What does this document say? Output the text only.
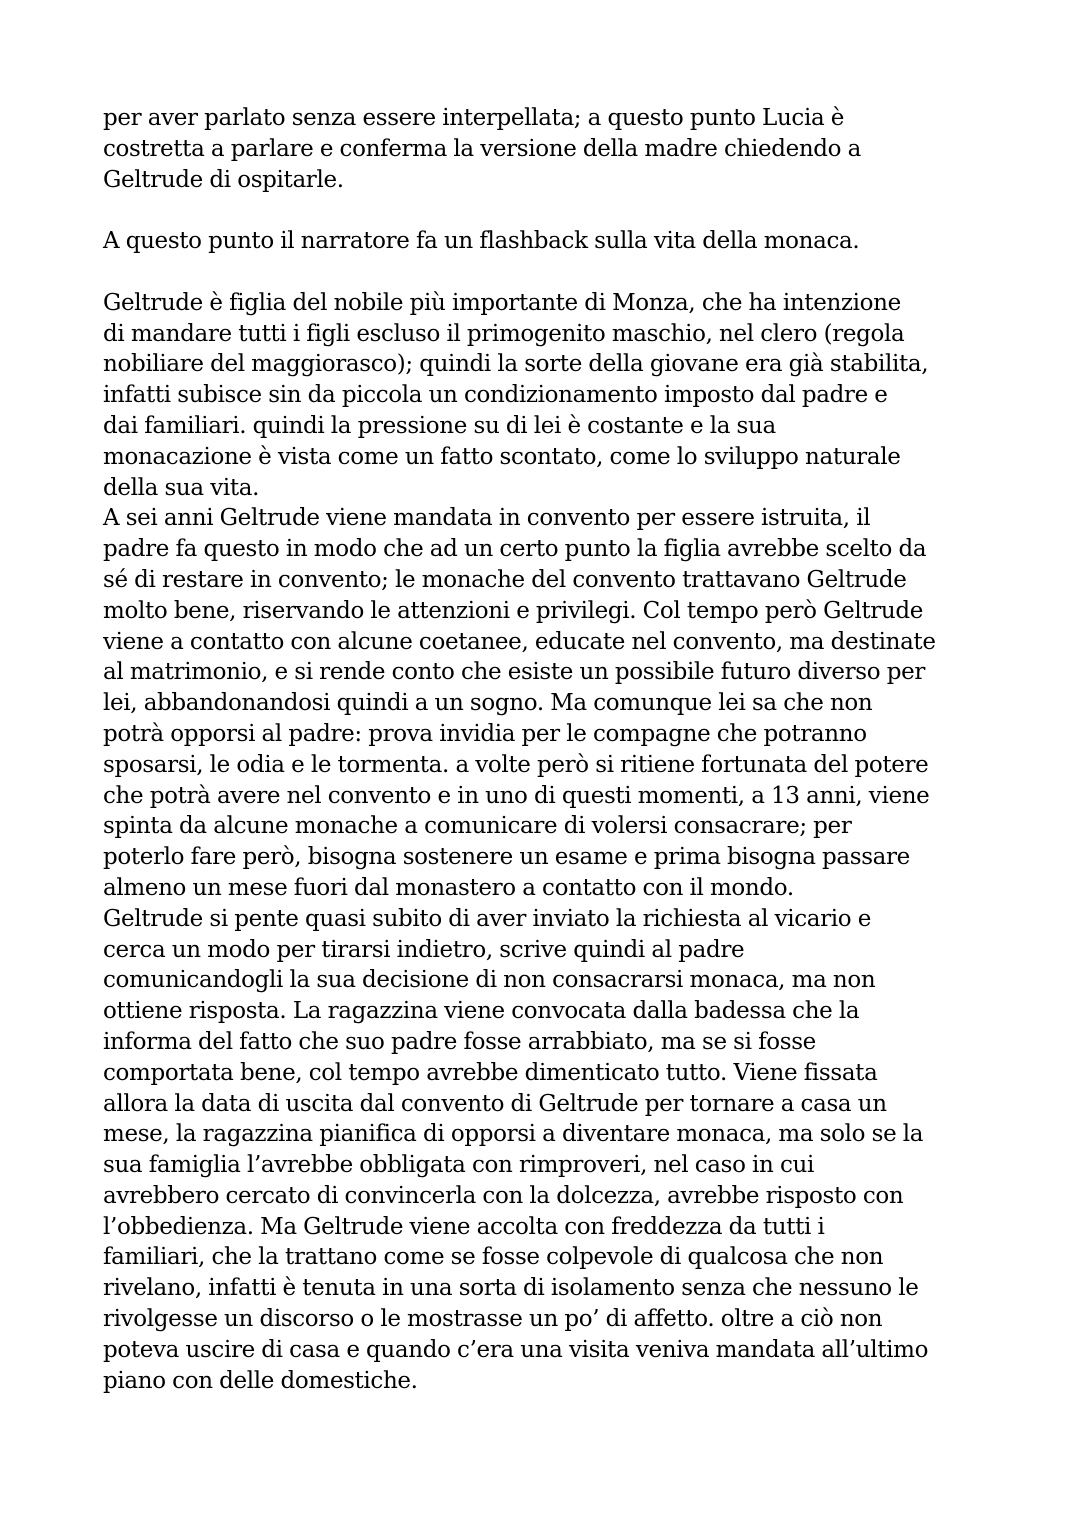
per aver parlato senza essere interpellata; a questo punto Lucia è
costretta a parlare e conferma la versione della madre chiedendo a
Geltrude di ospitarle.

A questo punto il narratore fa un flashback sulla vita della monaca.

Geltrude è figlia del nobile più importante di Monza, che ha intenzione
di mandare tutti i figli escluso il primogenito maschio, nel clero (regola
nobiliare del maggiorasco); quindi la sorte della giovane era già stabilita,
infatti subisce sin da piccola un condizionamento imposto dal padre e
dai familiari. quindi la pressione su di lei è costante e la sua
monacazione è vista come un fatto scontato, come lo sviluppo naturale
della sua vita.

A sei anni Geltrude viene mandata in convento per essere istruita, il
padre fa questo in modo che ad un certo punto la figlia avrebbe scelto da
sé di restare in convento; le monache del convento trattavano Geltrude
molto bene, riservando le attenzioni e privilegi. Col tempo però Geltrude
viene a contatto con alcune coetanee, educate nel convento, ma destinate
al matrimonio, e si rende conto che esiste un possibile futuro diverso per
lei, abbandonandosi quindi a un sogno. Ma comunque lei sa che non
potrà opporsi al padre: prova invidia per le compagne che potranno
sposarsi, le odia e le tormenta. a volte però si ritiene fortunata del potere
che potrà avere nel convento e in uno di questi momenti, a 13 anni, viene
spinta da alcune monache a comunicare di volersi consacrare; per
poterlo fare però, bisogna sostenere un esame e prima bisogna passare
almeno un mese fuori dal monastero a contatto con il mondo.

Geltrude si pente quasi subito di aver inviato la richiesta al vicario e
cerca un modo per tirarsi indietro, scrive quindi al padre
comunicandogli la sua decisione di non consacrarsi monaca, ma non
ottiene risposta. La ragazzina viene convocata dalla badessa che la
informa del fatto che suo padre fosse arrabbiato, ma se si fosse
comportata bene, col tempo avrebbe dimenticato tutto. Viene fissata
allora la data di uscita dal convento di Geltrude per tornare a casa un
mese, la ragazzina pianifica di opporsi a diventare monaca, ma solo se la
sua famiglia l’avrebbe obbligata con rimproveri, nel caso in cui
avrebbero cercato di convincerla con la dolcezza, avrebbe risposto con
l’obbedienza. Ma Geltrude viene accolta con freddezza da tutti i
familiari, che la trattano come se fosse colpevole di qualcosa che non
rivelano, infatti è tenuta in una sorta di isolamento senza che nessuno le
rivolgesse un discorso o le mostrasse un po’ di affetto. oltre a ciò non
poteva uscire di casa e quando c’era una visita veniva mandata all’ultimo
piano con delle domestiche.
